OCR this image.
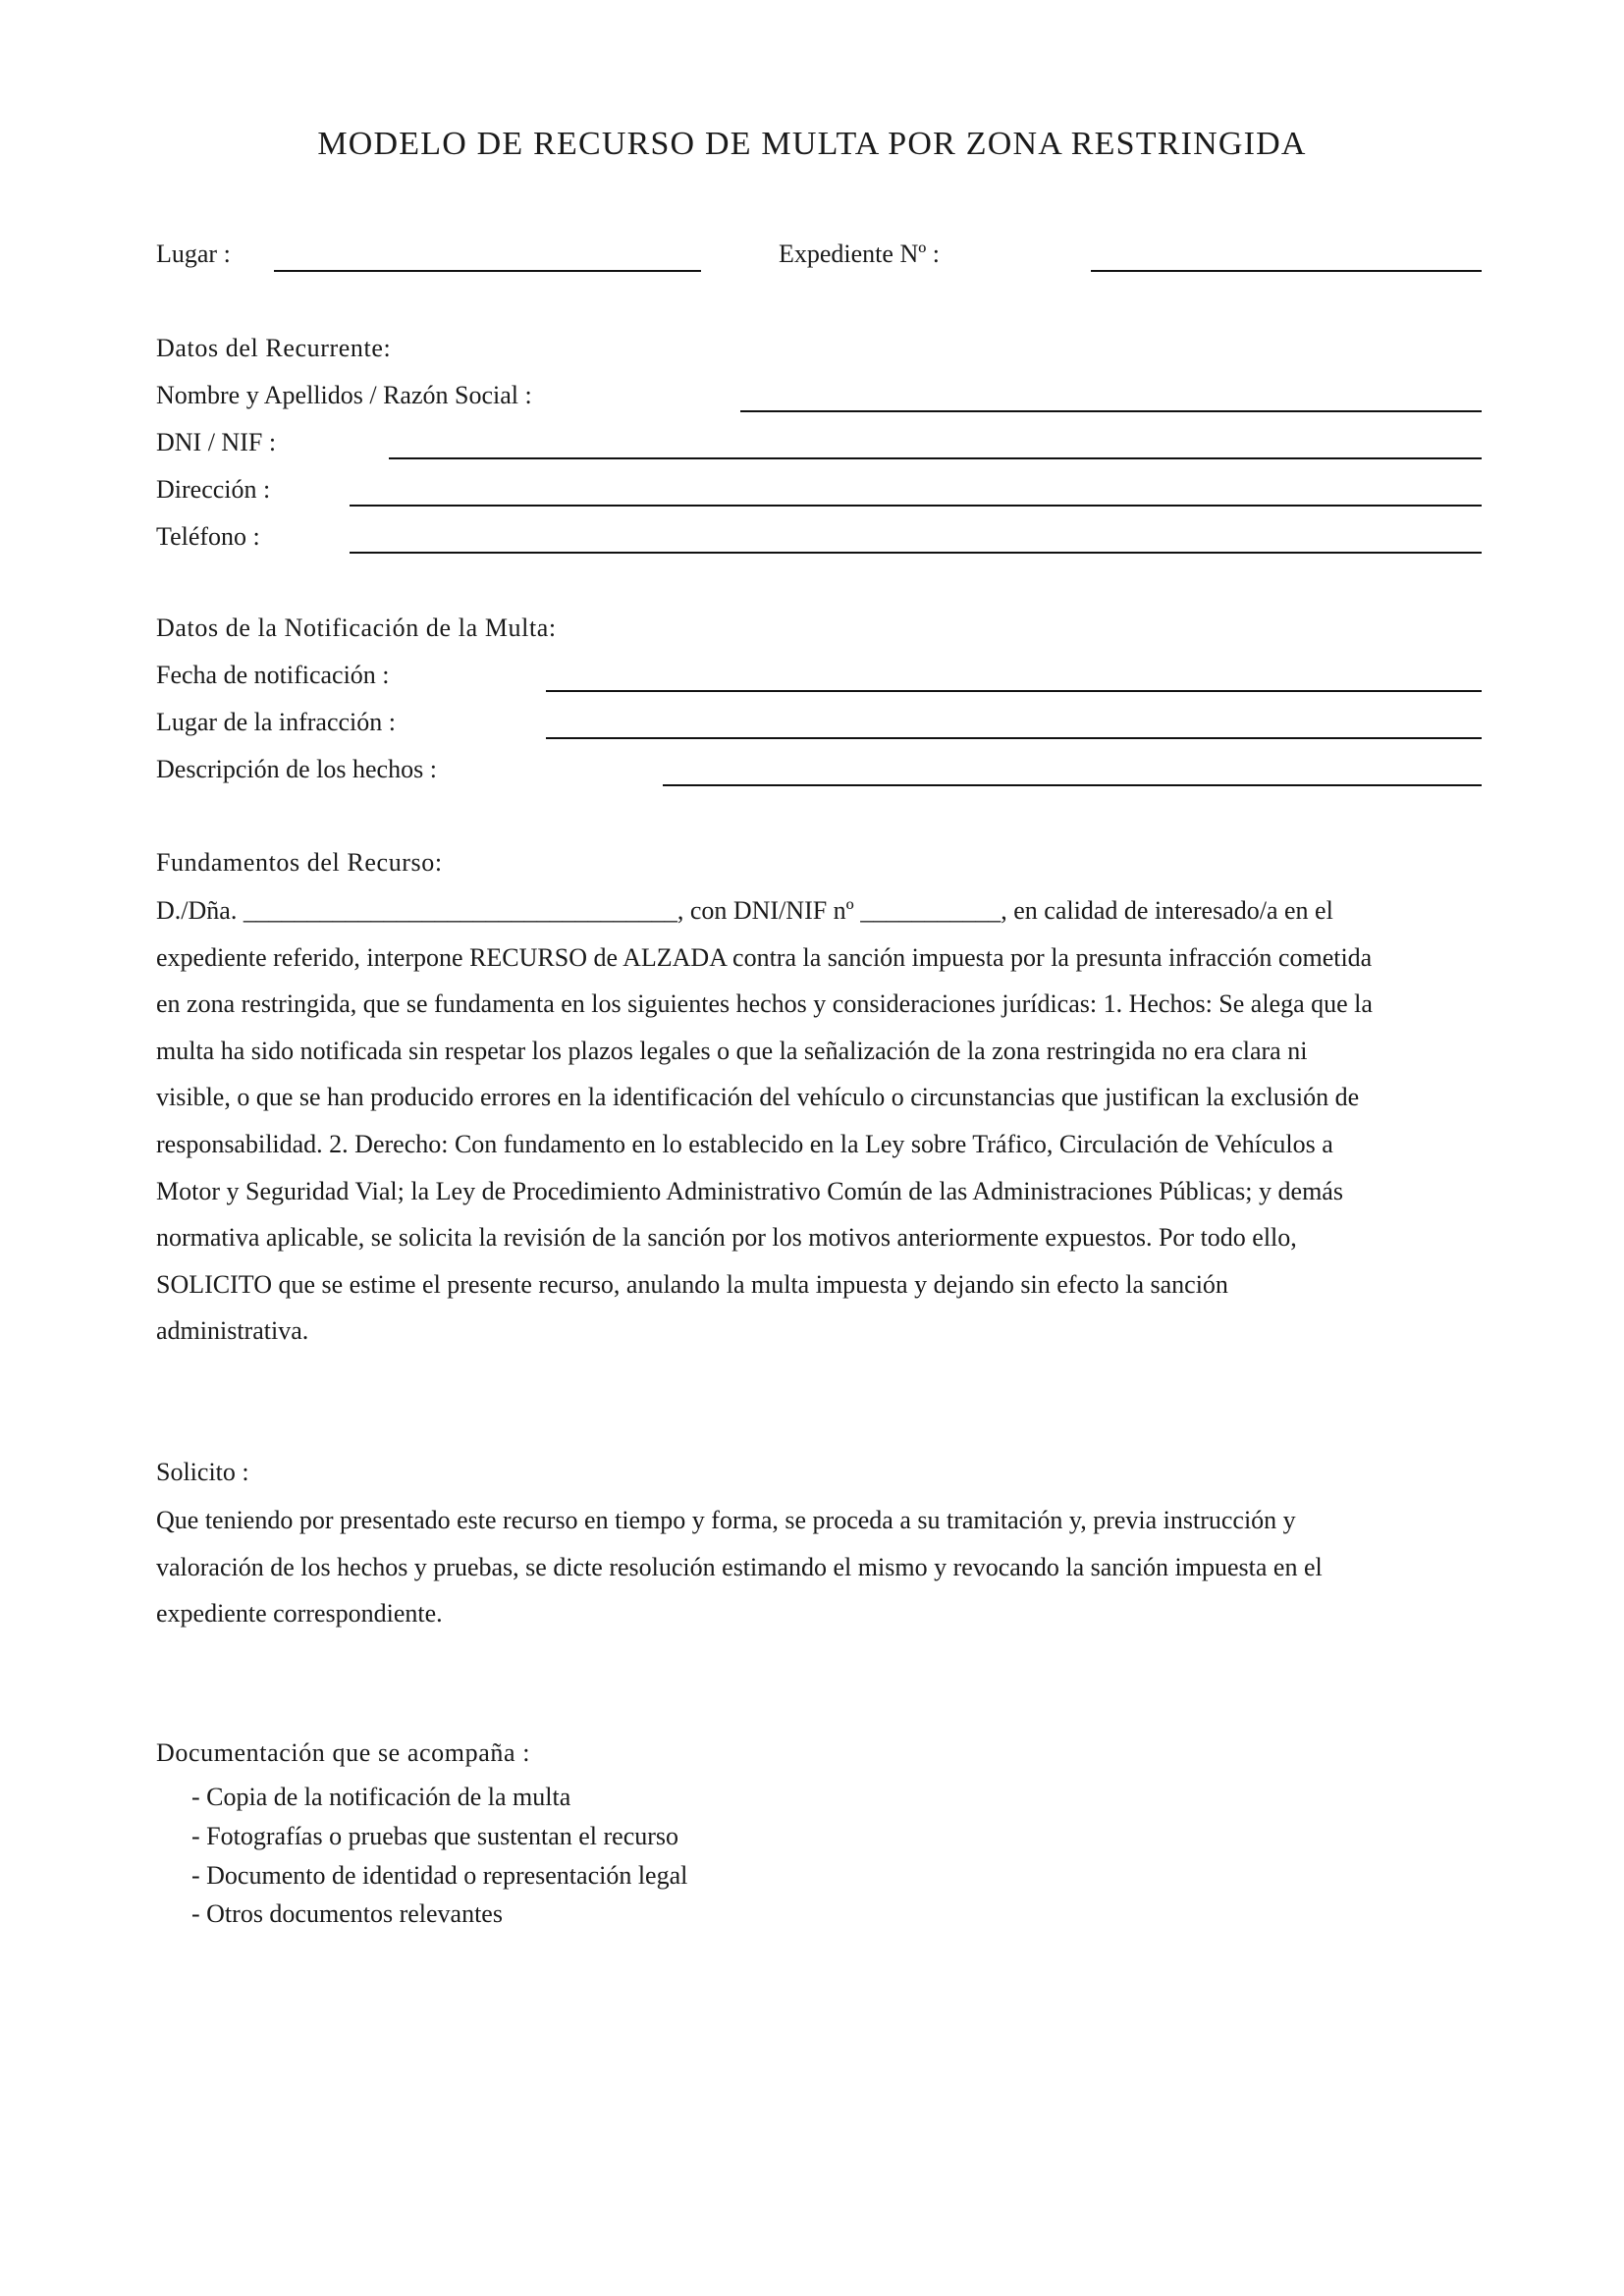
MODELO DE RECURSO DE MULTA POR ZONA RESTRINGIDA
Lugar :	Expediente Nº :
Datos del Recurrente:
Nombre y Apellidos / Razón Social :
DNI / NIF :
Dirección :
Teléfono :
Datos de la Notificación de la Multa:
Fecha de notificación :
Lugar de la infracción :
Descripción de los hechos :
Fundamentos del Recurso:

D./Dña. __________________________________, con DNI/NIF nº ___________, en calidad de interesado/a en el

expediente referido, interpone RECURSO de ALZADA contra la sanción impuesta por la presunta infracción cometida

en zona restringida, que se fundamenta en los siguientes hechos y consideraciones jurídicas: 1. Hechos: Se alega que la

multa ha sido notificada sin respetar los plazos legales o que la señalización de la zona restringida no era clara ni

visible, o que se han producido errores en la identificación del vehículo o circunstancias que justifican la exclusión de

responsabilidad. 2. Derecho: Con fundamento en lo establecido en la Ley sobre Tráfico, Circulación de Vehículos a

Motor y Seguridad Vial; la Ley de Procedimiento Administrativo Común de las Administraciones Públicas; y demás

normativa aplicable, se solicita la revisión de la sanción por los motivos anteriormente expuestos. Por todo ello,

SOLICITO que se estime el presente recurso, anulando la multa impuesta y dejando sin efecto la sanción

administrativa.

Solicito :

Que teniendo por presentado este recurso en tiempo y forma, se proceda a su tramitación y, previa instrucción y

valoración de los hechos y pruebas, se dicte resolución estimando el mismo y revocando la sanción impuesta en el

expediente correspondiente.

Documentación que se acompaña :
- Copia de la notificación de la multa
- Fotografías o pruebas que sustentan el recurso
- Documento de identidad o representación legal
- Otros documentos relevantes
